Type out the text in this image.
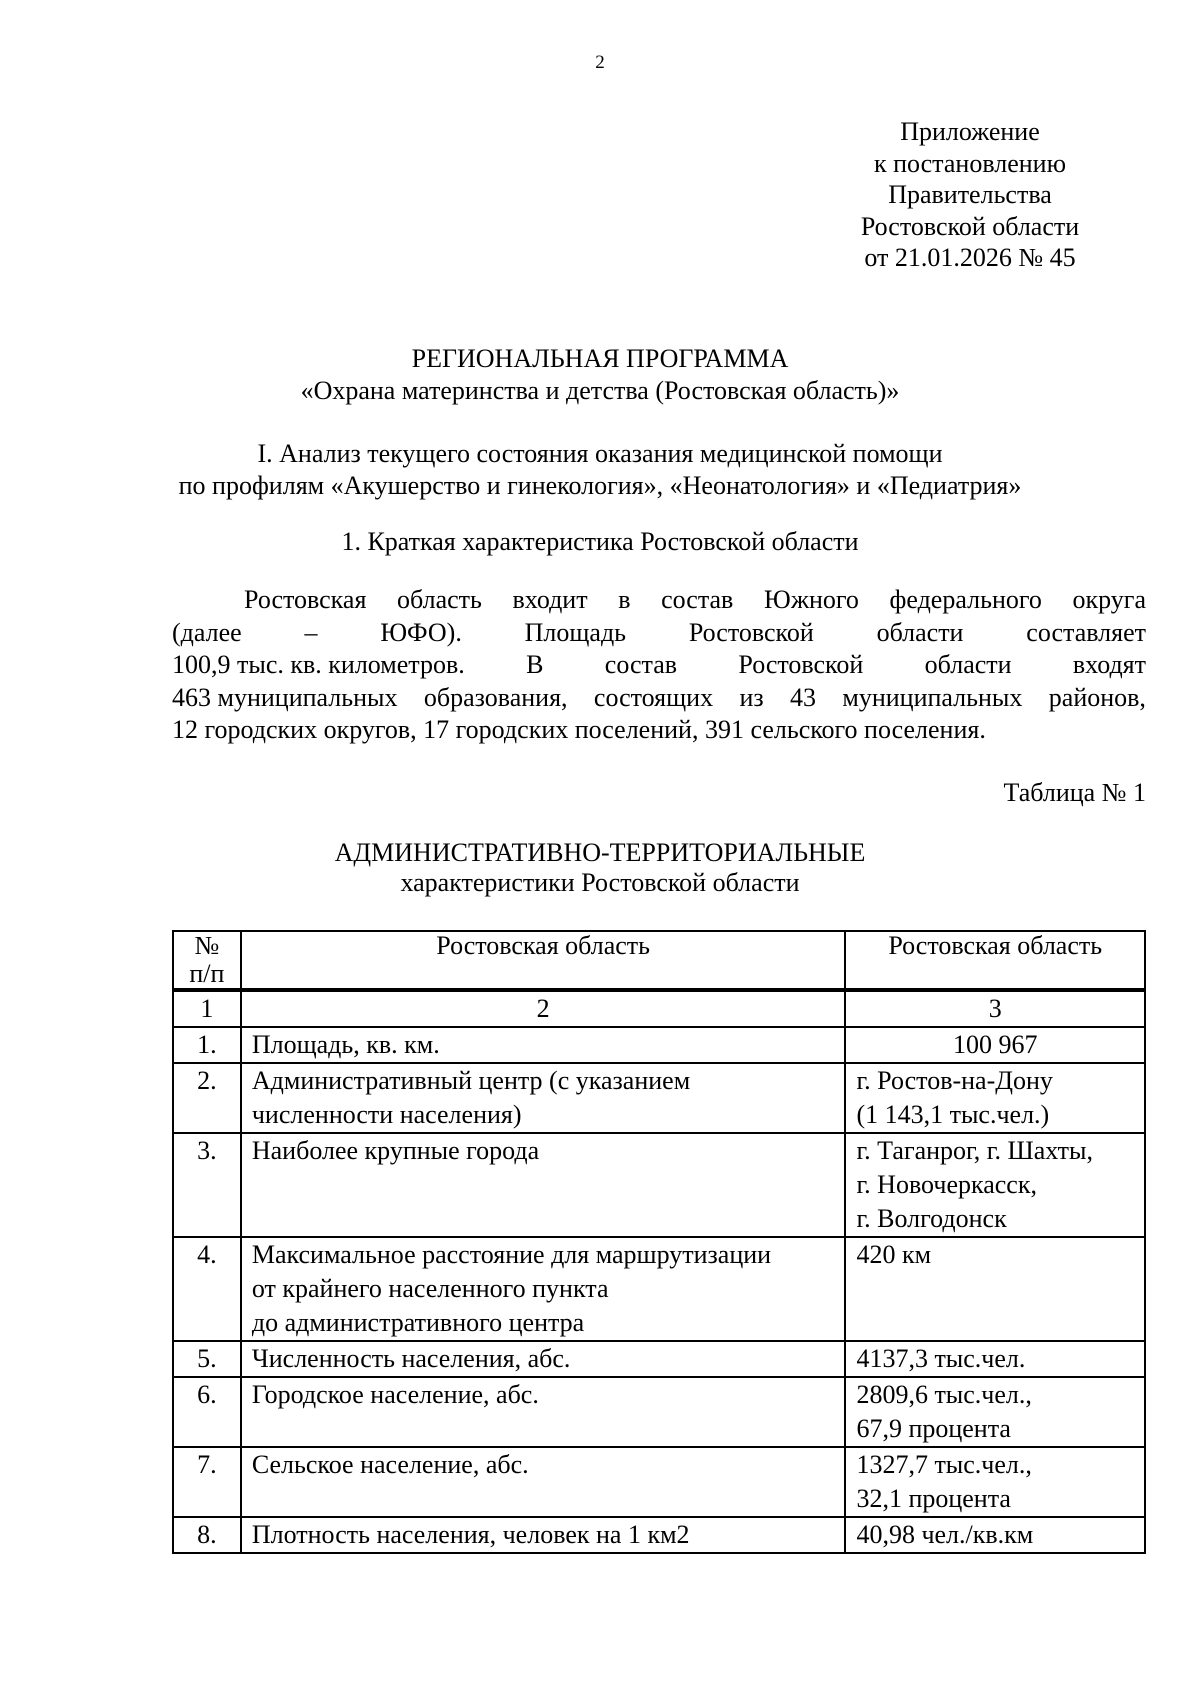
2
Приложение
к постановлению
Правительства
Ростовской области
от 21.01.2026 № 45
РЕГИОНАЛЬНАЯ ПРОГРАММА
«Охрана материнства и детства (Ростовская область)»
I. Анализ текущего состояния оказания медицинской помощи
по профилям «Акушерство и гинекология», «Неонатология» и «Педиатрия»
1. Краткая характеристика Ростовской области
Ростовская область входит в состав Южного федерального округа
(далее – ЮФО). Площадь Ростовской области составляет
100,9 тыс. кв. километров. В состав Ростовской области входят
463 муниципальных образования, состоящих из 43 муниципальных районов,
12 городских округов, 17 городских поселений, 391 сельского поселения.
Таблица № 1
АДМИНИСТРАТИВНО-ТЕРРИТОРИАЛЬНЫЕ
характеристики Ростовской области
№
п/п	Ростовская область	Ростовская область
1	2	3
1.	Площадь, кв. км.	100 967
2.	Административный центр (с указанием
численности населения)	г. Ростов-на-Дону
(1 143,1 тыс.чел.)
3.	Наиболее крупные города	г. Таганрог, г. Шахты,
г. Новочеркасск,
г. Волгодонск
4.	Максимальное расстояние для маршрутизации
от крайнего населенного пункта
до административного центра	420 км
5.	Численность населения, абс.	4137,3 тыс.чел.
6.	Городское население, абс.	2809,6 тыс.чел.,
67,9 процента
7.	Сельское население, абс.	1327,7 тыс.чел.,
32,1 процента
8.	Плотность населения, человек на 1 км2	40,98 чел./кв.км
